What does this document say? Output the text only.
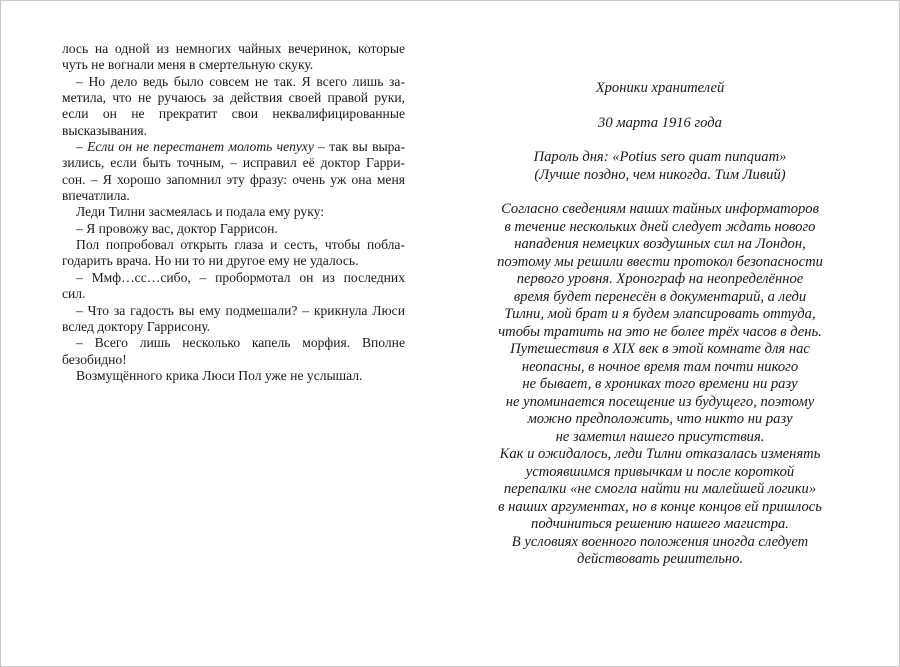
лось на одной из немногих чайных вечеринок, которые
чуть не вогнали меня в смертельную скуку.
– Но дело ведь было совсем не так. Я всего лишь за-
метила, что не ручаюсь за действия своей правой руки,
если он не прекратит свои неквалифицированные
высказывания.
– Если он не перестанет молоть чепуху – так вы выра-
зились, если быть точным, – исправил её доктор Гарри-
сон. – Я хорошо запомнил эту фразу: очень уж она меня
впечатлила.
Леди Тилни засмеялась и подала ему руку:
– Я провожу вас, доктор Гаррисон.
Пол попробовал открыть глаза и сесть, чтобы побла-
годарить врача. Но ни то ни другое ему не удалось.
– Ммф…сс…сибо, – пробормотал он из последних
сил.
– Что за гадость вы ему подмешали? – крикнула Люси
вслед доктору Гаррисону.
– Всего лишь несколько капель морфия. Вполне
безобидно!
Возмущённого крика Люси Пол уже не услышал.
Хроники хранителей
30 марта 1916 года
Пароль дня: «Potius sero quam nunquam»
(Лучше поздно, чем никогда. Тим Ливий)
Согласно сведениям наших тайных информаторов
в течение нескольких дней следует ждать нового
нападения немецких воздушных сил на Лондон,
поэтому мы решили ввести протокол безопасности
первого уровня. Хронограф на неопределённое
время будет перенесён в документарий, а леди
Тилни, мой брат и я будем элапсировать оттуда,
чтобы тратить на это не более трёх часов в день.
Путешествия в XIX век в этой комнате для нас
неопасны, в ночное время там почти никого
не бывает, в хрониках того времени ни разу
не упоминается посещение из будущего, поэтому
можно предположить, что никто ни разу
не заметил нашего присутствия.
Как и ожидалось, леди Тилни отказалась изменять
устоявшимся привычкам и после короткой
перепалки «не смогла найти ни малейшей логики»
в наших аргументах, но в конце концов ей пришлось
подчиниться решению нашего магистра.
В условиях военного положения иногда следует
действовать решительно.
